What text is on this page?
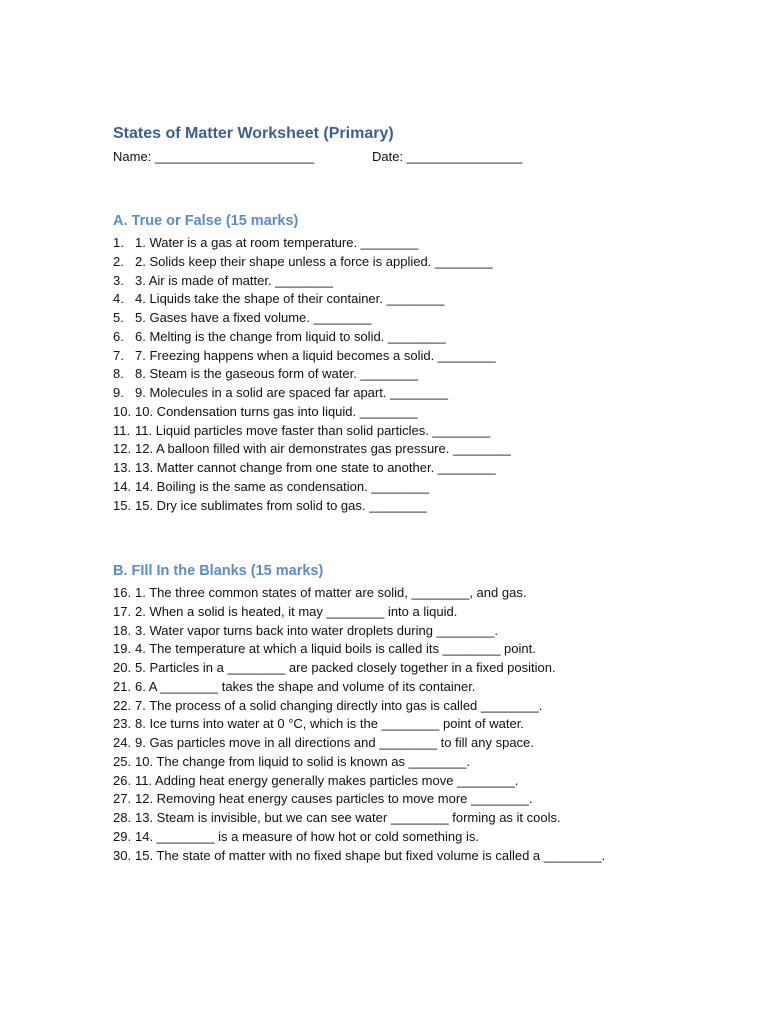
States of Matter Worksheet (Primary)
Name: ______________________	Date: ________________
A. True or False (15 marks)
1. 1. Water is a gas at room temperature. ________
2. 2. Solids keep their shape unless a force is applied. ________
3. 3. Air is made of matter. ________
4. 4. Liquids take the shape of their container. ________
5. 5. Gases have a fixed volume. ________
6. 6. Melting is the change from liquid to solid. ________
7. 7. Freezing happens when a liquid becomes a solid. ________
8. 8. Steam is the gaseous form of water. ________
9. 9. Molecules in a solid are spaced far apart. ________
10. 10. Condensation turns gas into liquid. ________
11. 11. Liquid particles move faster than solid particles. ________
12. 12. A balloon filled with air demonstrates gas pressure. ________
13. 13. Matter cannot change from one state to another. ________
14. 14. Boiling is the same as condensation. ________
15. 15. Dry ice sublimates from solid to gas. ________
B. FIll In the Blanks (15 marks)
16. 1. The three common states of matter are solid, ________, and gas.
17. 2. When a solid is heated, it may ________ into a liquid.
18. 3. Water vapor turns back into water droplets during ________.
19. 4. The temperature at which a liquid boils is called its ________ point.
20. 5. Particles in a ________ are packed closely together in a fixed position.
21. 6. A ________ takes the shape and volume of its container.
22. 7. The process of a solid changing directly into gas is called ________.
23. 8. Ice turns into water at 0 °C, which is the ________ point of water.
24. 9. Gas particles move in all directions and ________ to fill any space.
25. 10. The change from liquid to solid is known as ________.
26. 11. Adding heat energy generally makes particles move ________.
27. 12. Removing heat energy causes particles to move more ________.
28. 13. Steam is invisible, but we can see water ________ forming as it cools.
29. 14. ________ is a measure of how hot or cold something is.
30. 15. The state of matter with no fixed shape but fixed volume is called a ________.
